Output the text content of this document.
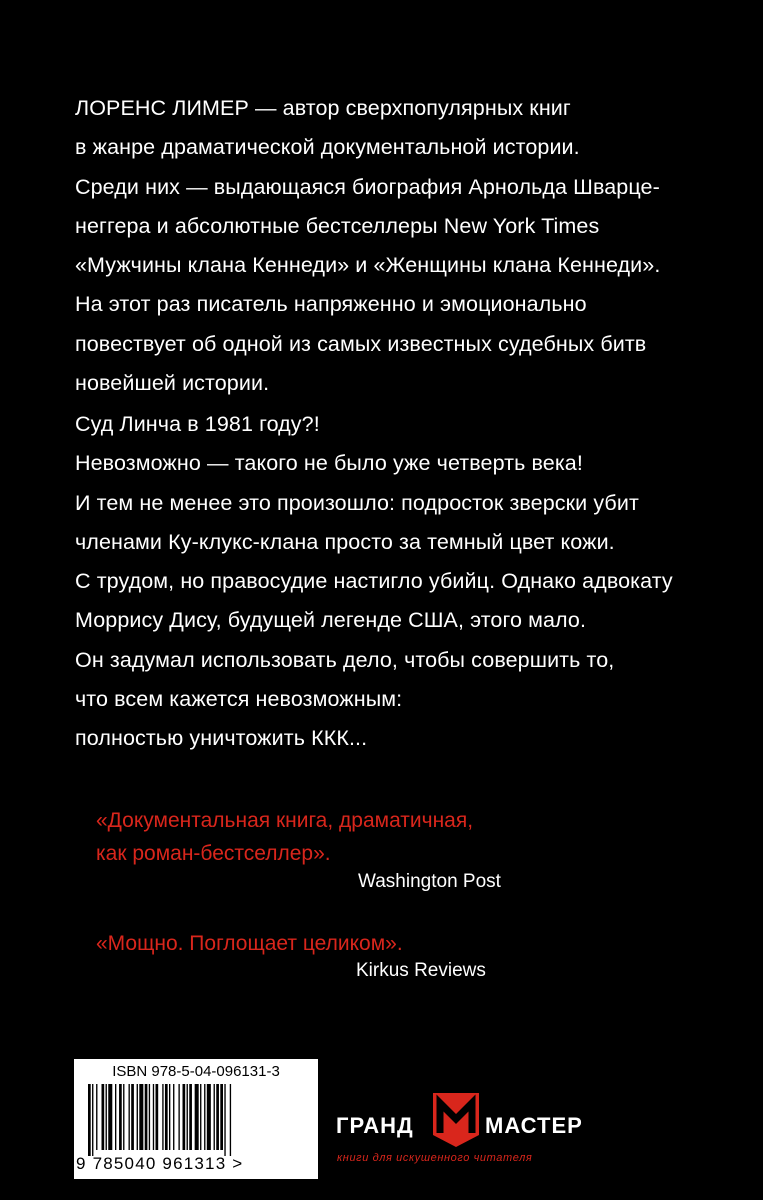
ЛОРЕНС ЛИМЕР — автор сверхпопулярных книг
в жанре драматической документальной истории.
Среди них — выдающаяся биография Арнольда Шварце-
неггера и абсолютные бестселлеры New York Times
«Мужчины клана Кеннеди» и «Женщины клана Кеннеди».
На этот раз писатель напряженно и эмоционально
повествует об одной из самых известных судебных битв
новейшей истории.
Суд Линча в 1981 году?!
Невозможно — такого не было уже четверть века!
И тем не менее это произошло: подросток зверски убит
членами Ку-клукс-клана просто за темный цвет кожи.
С трудом, но правосудие настигло убийц. Однако адвокату
Моррису Дису, будущей легенде США, этого мало.
Он задумал использовать дело, чтобы совершить то,
что всем кажется невозможным:
полностью уничтожить ККК...
«Документальная книга, драматичная,
как роман-бестселлер».
Washington Post
«Мощно. Поглощает целиком».
Kirkus Reviews
ISBN 978-5-04-096131-3
9 785040 961313 >
ГРАНД	МАСТЕР
книги для искушенного читателя
